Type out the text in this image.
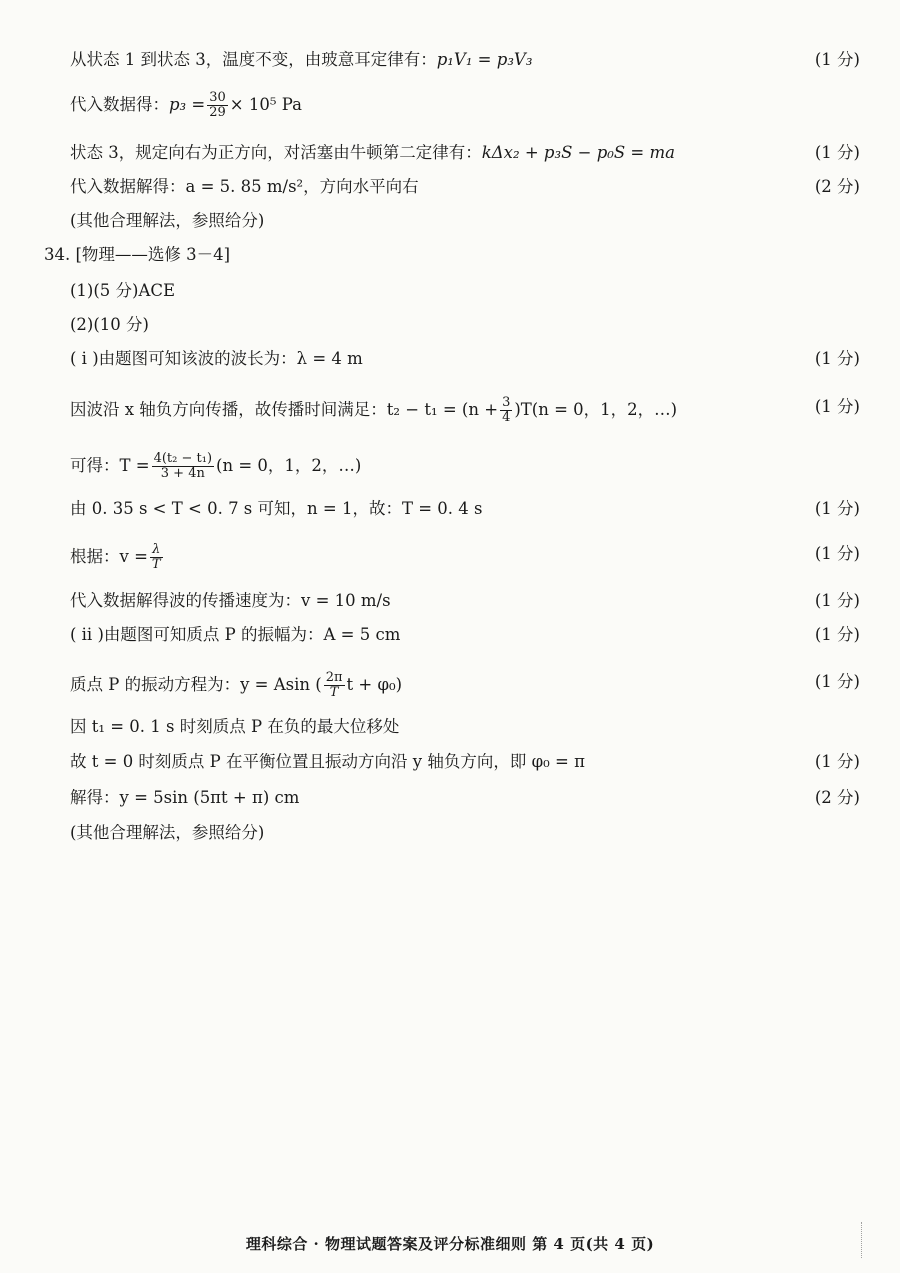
从状态 1 到状态 3，温度不变，由玻意耳定律有：p₁V₁ = p₃V₃	(1 分)
代入数据得：$p_3 = \frac{30}{29} \times 10^5$ Pa
状态 3，规定向右为正方向，对活塞由牛顿第二定律有：kΔx₂ + p₃S − p₀S = ma	(1 分)
代入数据解得：a = 5. 85 m/s²，方向水平向右	(2 分)
(其他合理解法，参照给分)
34. [物理——选修 3－4]
(1)(5 分)ACE
(2)(10 分)
( ⅰ )由题图可知该波的波长为：λ = 4 m	(1 分)
因波沿 x 轴负方向传播，故传播时间满足：$t_2 - t_1 = (n + \frac{3}{4} )T(n = 0$，1，2，…)	(1 分)
可得：$T = \frac{\text{4(t₂ − t₁)}}{3 + 4n} (n = 0$，1，2，…)
由 0. 35 s < T < 0. 7 s 可知，n = 1，故：T = 0. 4 s	(1 分)
根据：$v = \frac{\lambda}{T}$	(1 分)
代入数据解得波的传播速度为：v = 10 m/s	(1 分)
( ⅱ )由题图可知质点 P 的振幅为：A = 5 cm	(1 分)
质点 P 的振动方程为：y = Asin ( $\frac{2\pi}{T}$ t + φ₀)	(1 分)
因 t₁ = 0. 1 s 时刻质点 P 在负的最大位移处
故 t = 0 时刻质点 P 在平衡位置且振动方向沿 y 轴负方向，即 φ₀ = π	(1 分)
解得：y = 5sin (5πt + π) cm	(2 分)
(其他合理解法，参照给分)
理科综合 · 物理试题答案及评分标准细则 第 4 页(共 4 页)
